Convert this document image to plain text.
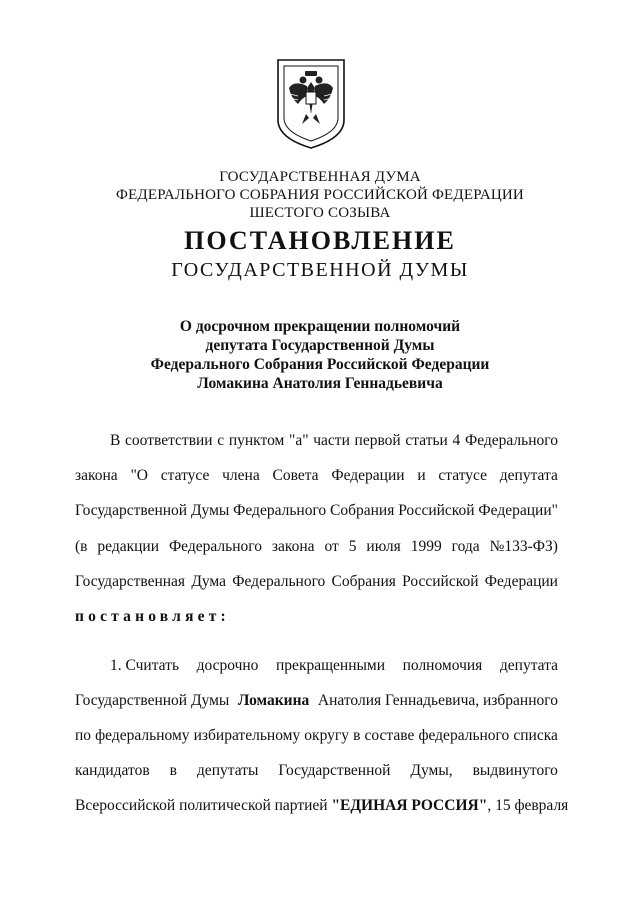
ГОСУДАРСТВЕННАЯ ДУМА
ФЕДЕРАЛЬНОГО СОБРАНИЯ РОССИЙСКОЙ ФЕДЕРАЦИИ
ШЕСТОГО СОЗЫВА
ПОСТАНОВЛЕНИЕ
ГОСУДАРСТВЕННОЙ ДУМЫ
О досрочном прекращении полномочий
депутата Государственной Думы
Федерального Собрания Российской Федерации
Ломакина Анатолия Геннадьевича
В соответствии с пунктом "а" части первой статьи 4 Федерального
закона "О статусе члена Совета Федерации и статусе депутата
Государственной Думы Федерального Собрания Российской Федерации"
(в редакции Федерального закона от 5 июля 1999 года №133-ФЗ)
Государственная Дума Федерального Собрания Российской Федерации
постановляет:
1. Считать досрочно прекращенными полномочия депутата
Государственной Думы Ломакина Анатолия Геннадьевича, избранного
по федеральному избирательному округу в составе федерального списка
кандидатов в депутаты Государственной Думы, выдвинутого
Всероссийской политической партией "ЕДИНАЯ РОССИЯ", 15 февраля
